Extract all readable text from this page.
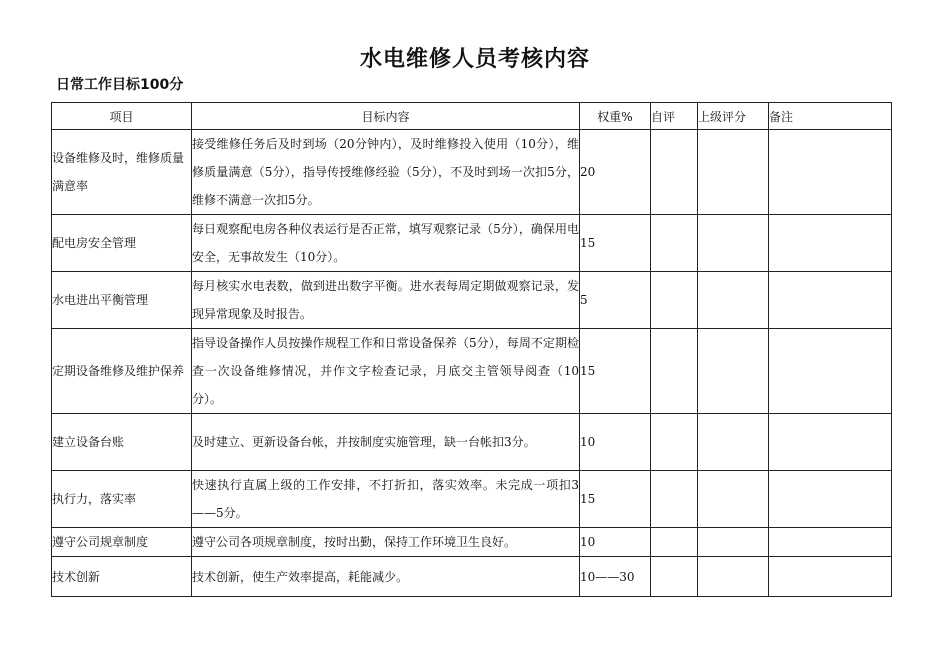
水电维修人员考核内容
日常工作目标100分
项目	目标内容	权重%	自评	上级评分	备注
设备维修及时，维修质量满意率	接受维修任务后及时到场（20分钟内），及时维修投入使用（10分），维修质量满意（5分），指导传授维修经验（5分），不及时到场一次扣5分，维修不满意一次扣5分。	20			
配电房安全管理	每日观察配电房各种仪表运行是否正常，填写观察记录（5分），确保用电安全，无事故发生（10分）。	15			
水电进出平衡管理	每月核实水电表数，做到进出数字平衡。进水表每周定期做观察记录，发现异常现象及时报告。	5			
定期设备维修及维护保养	指导设备操作人员按操作规程工作和日常设备保养（5分），每周不定期检查一次设备维修情况，并作文字检查记录，月底交主管领导阅查（10分）。	15			
建立设备台账	及时建立、更新设备台帐，并按制度实施管理，缺一台帐扣3分。	10			
执行力，落实率	快速执行直属上级的工作安排，不打折扣，落实效率。未完成一项扣3——5分。	15			
遵守公司规章制度	遵守公司各项规章制度，按时出勤，保持工作环境卫生良好。	10			
技术创新	技术创新，使生产效率提高，耗能减少。	10——30			
